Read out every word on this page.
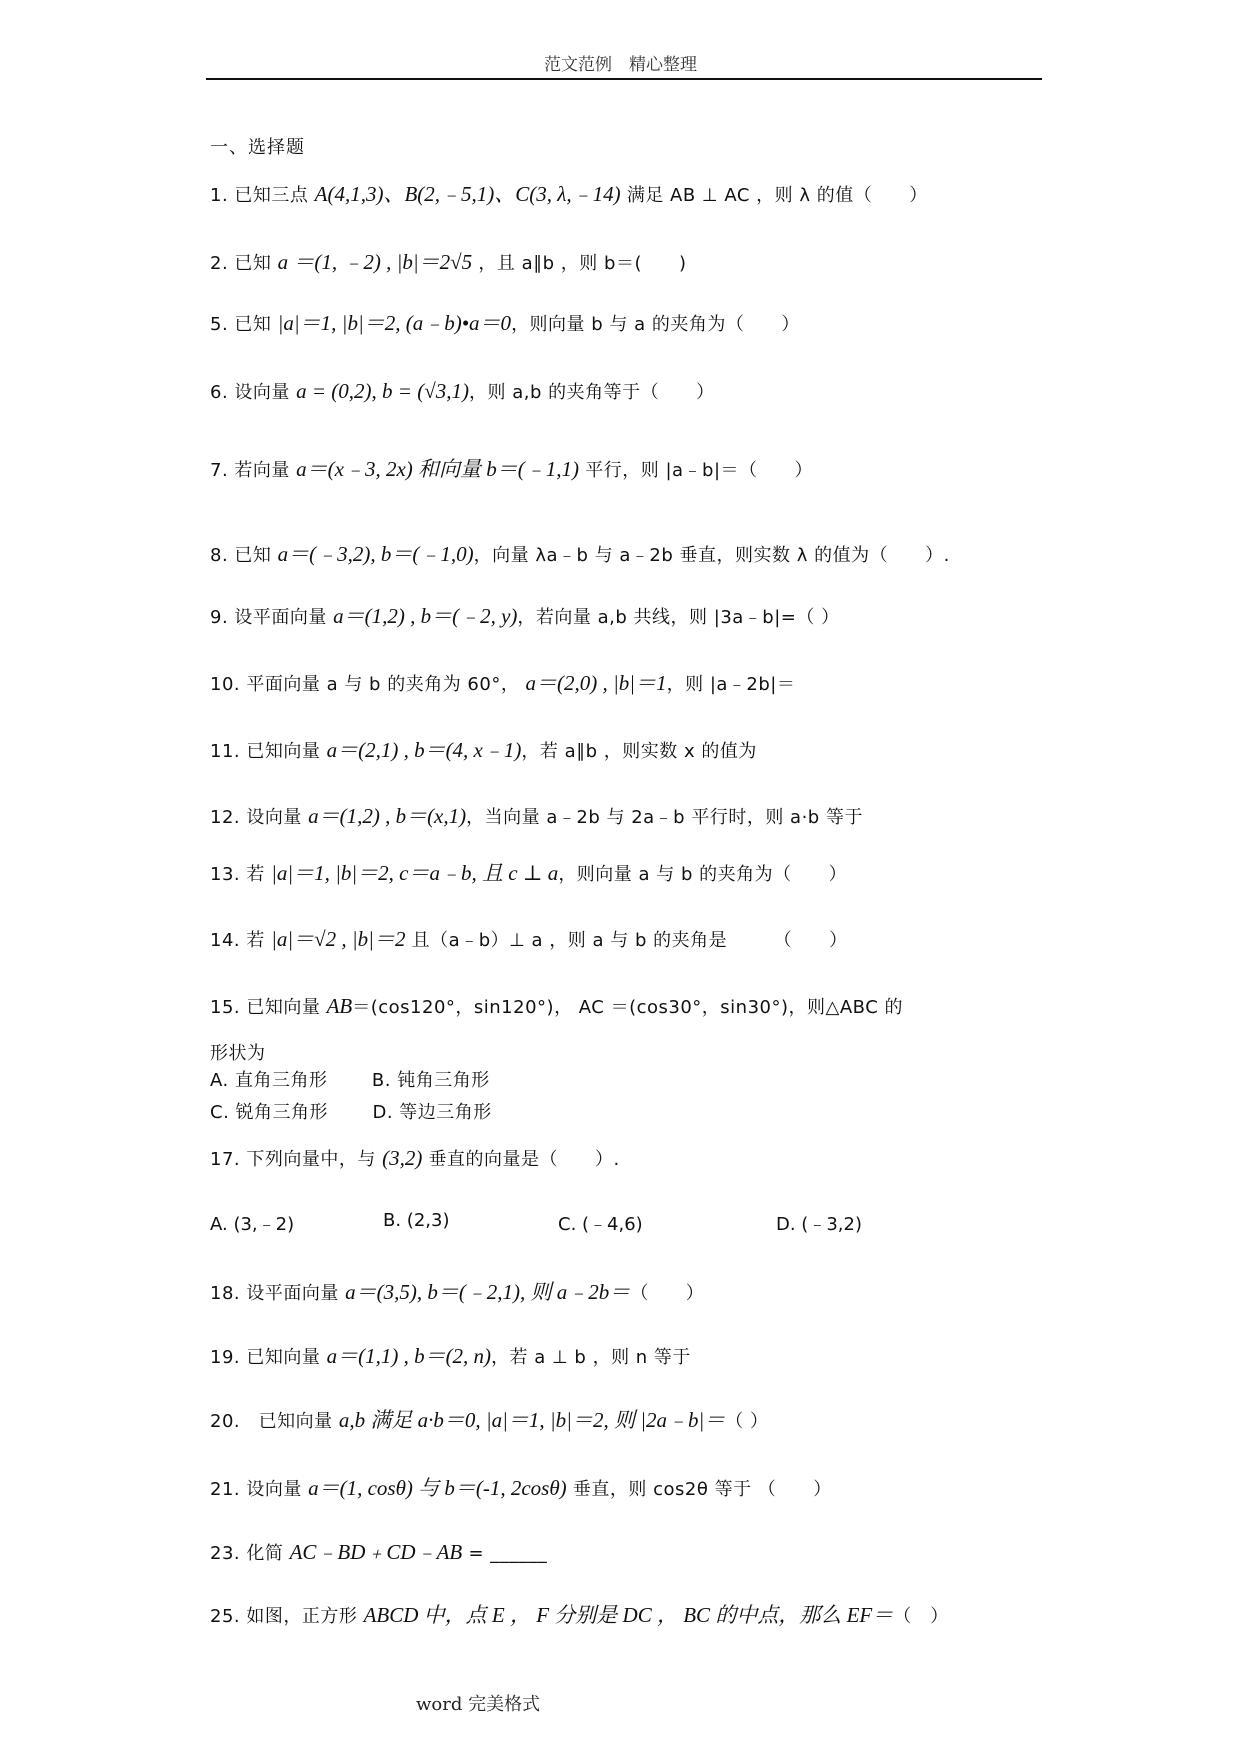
范文范例　精心整理
一、选择题
1. 已知三点 A(4,1,3)、B(2,﹣5,1)、C(3, λ,﹣14) 满足 AB ⊥ AC ，则 λ 的值（　　）
2. 已知 a ＝(1, ﹣2) , |b|＝2√5 ，且 a∥b ，则 b＝(　　)
5. 已知 |a|＝1, |b|＝2, (a﹣b)•a＝0，则向量 b 与 a 的夹角为（　　）
6. 设向量 a = (0,2), b = (√3,1)，则 a,b 的夹角等于（　　）
7. 若向量 a＝(x﹣3, 2x) 和向量 b＝(﹣1,1) 平行，则 |a﹣b|＝（　　）
8. 已知 a＝(﹣3,2), b＝(﹣1,0)，向量 λa﹣b 与 a﹣2b 垂直，则实数 λ 的值为（　　）.
9. 设平面向量 a＝(1,2) , b＝(﹣2, y)，若向量 a,b 共线，则 |3a﹣b|=（ ）
10. 平面向量 a 与 b 的夹角为 60°， a＝(2,0) , |b|＝1，则 |a﹣2b|＝
11. 已知向量 a＝(2,1) , b＝(4, x﹣1)，若 a∥b ，则实数 x 的值为
12. 设向量 a＝(1,2) , b＝(x,1)，当向量 a﹣2b 与 2a﹣b 平行时，则 a·b 等于
13. 若 |a|＝1, |b|＝2, c＝a﹣b, 且 c ⊥ a，则向量 a 与 b 的夹角为（　　）
14. 若 |a|＝√2 , |b|＝2 且（a﹣b）⊥ a ，则 a 与 b 的夹角是　　　（　　）
15. 已知向量 AB＝(cos120°，sin120°)， AC ＝(cos30°，sin30°)，则△ABC 的
形状为
A. 直角三角形 B. 钝角三角形
C. 锐角三角形 D. 等边三角形
17. 下列向量中，与 (3,2) 垂直的向量是（　　）.
A. (3,﹣2)	B. (2,3)	C. (﹣4,6)	D. (﹣3,2)
18. 设平面向量 a＝(3,5), b＝(﹣2,1), 则 a﹣2b＝（　　）
19. 已知向量 a＝(1,1) , b＝(2, n)，若 a ⊥ b ，则 n 等于
20.　已知向量 a,b 满足 a·b＝0, |a|＝1, |b|＝2, 则 |2a﹣b|＝（ ）
21. 设向量 a＝(1, cosθ) 与 b＝(-1, 2cosθ) 垂直，则 cos2θ 等于 （　　）
23. 化简 AC﹣BD﹢CD﹣AB = ______
25. 如图，正方形 ABCD 中，点 E ， F 分别是 DC ， BC 的中点，那么 EF＝（　）
word 完美格式
